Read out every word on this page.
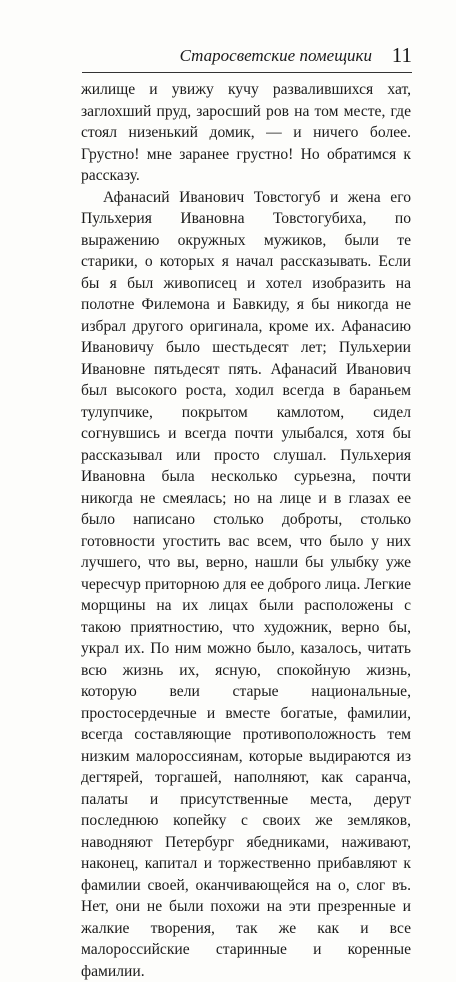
Старосветские помещики 11

жилище и увижу кучу развалившихся хат, заглохший пруд, заросший ров на том месте, где стоял низенький домик, — и ничего более. Грустно! мне заранее грустно! Но обратимся к рассказу.

Афанасий Иванович Товстогуб и жена его Пульхерия Ивановна Товстогубиха, по выражению окружных мужиков, были те старики, о которых я начал рассказывать. Если бы я был живописец и хотел изобразить на полотне Филемона и Бавкиду, я бы никогда не избрал другого оригинала, кроме их. Афанасию Ивановичу было шестьдесят лет; Пульхерии Ивановне пятьдесят пять. Афанасий Иванович был высокого роста, ходил всегда в бараньем тулупчике, покрытом камлотом, сидел согнувшись и всегда почти улыбался, хотя бы рассказывал или просто слушал. Пульхерия Ивановна была несколько сурьезна, почти никогда не смеялась; но на лице и в глазах ее было написано столько доброты, столько готовности угостить вас всем, что было у них лучшего, что вы, верно, нашли бы улыбку уже чересчур приторною для ее доброго лица. Легкие морщины на их лицах были расположены с такою приятностию, что художник, верно бы, украл их. По ним можно было, казалось, читать всю жизнь их, ясную, спокойную жизнь, которую вели старые национальные, простосердечные и вместе богатые, фамилии, всегда составляющие противоположность тем низким малороссиянам, которые выдираются из дегтярей, торгашей, наполняют, как саранча, палаты и присутственные места, дерут последнюю копейку с своих же земляков, наводняют Петербург ябедниками, наживают, наконец, капитал и торжественно прибавляют к фамилии своей, оканчивающейся на о, слог въ. Нет, они не были похожи на эти презренные и жалкие творения, так же как и все малороссийские старинные и коренные фамилии.
